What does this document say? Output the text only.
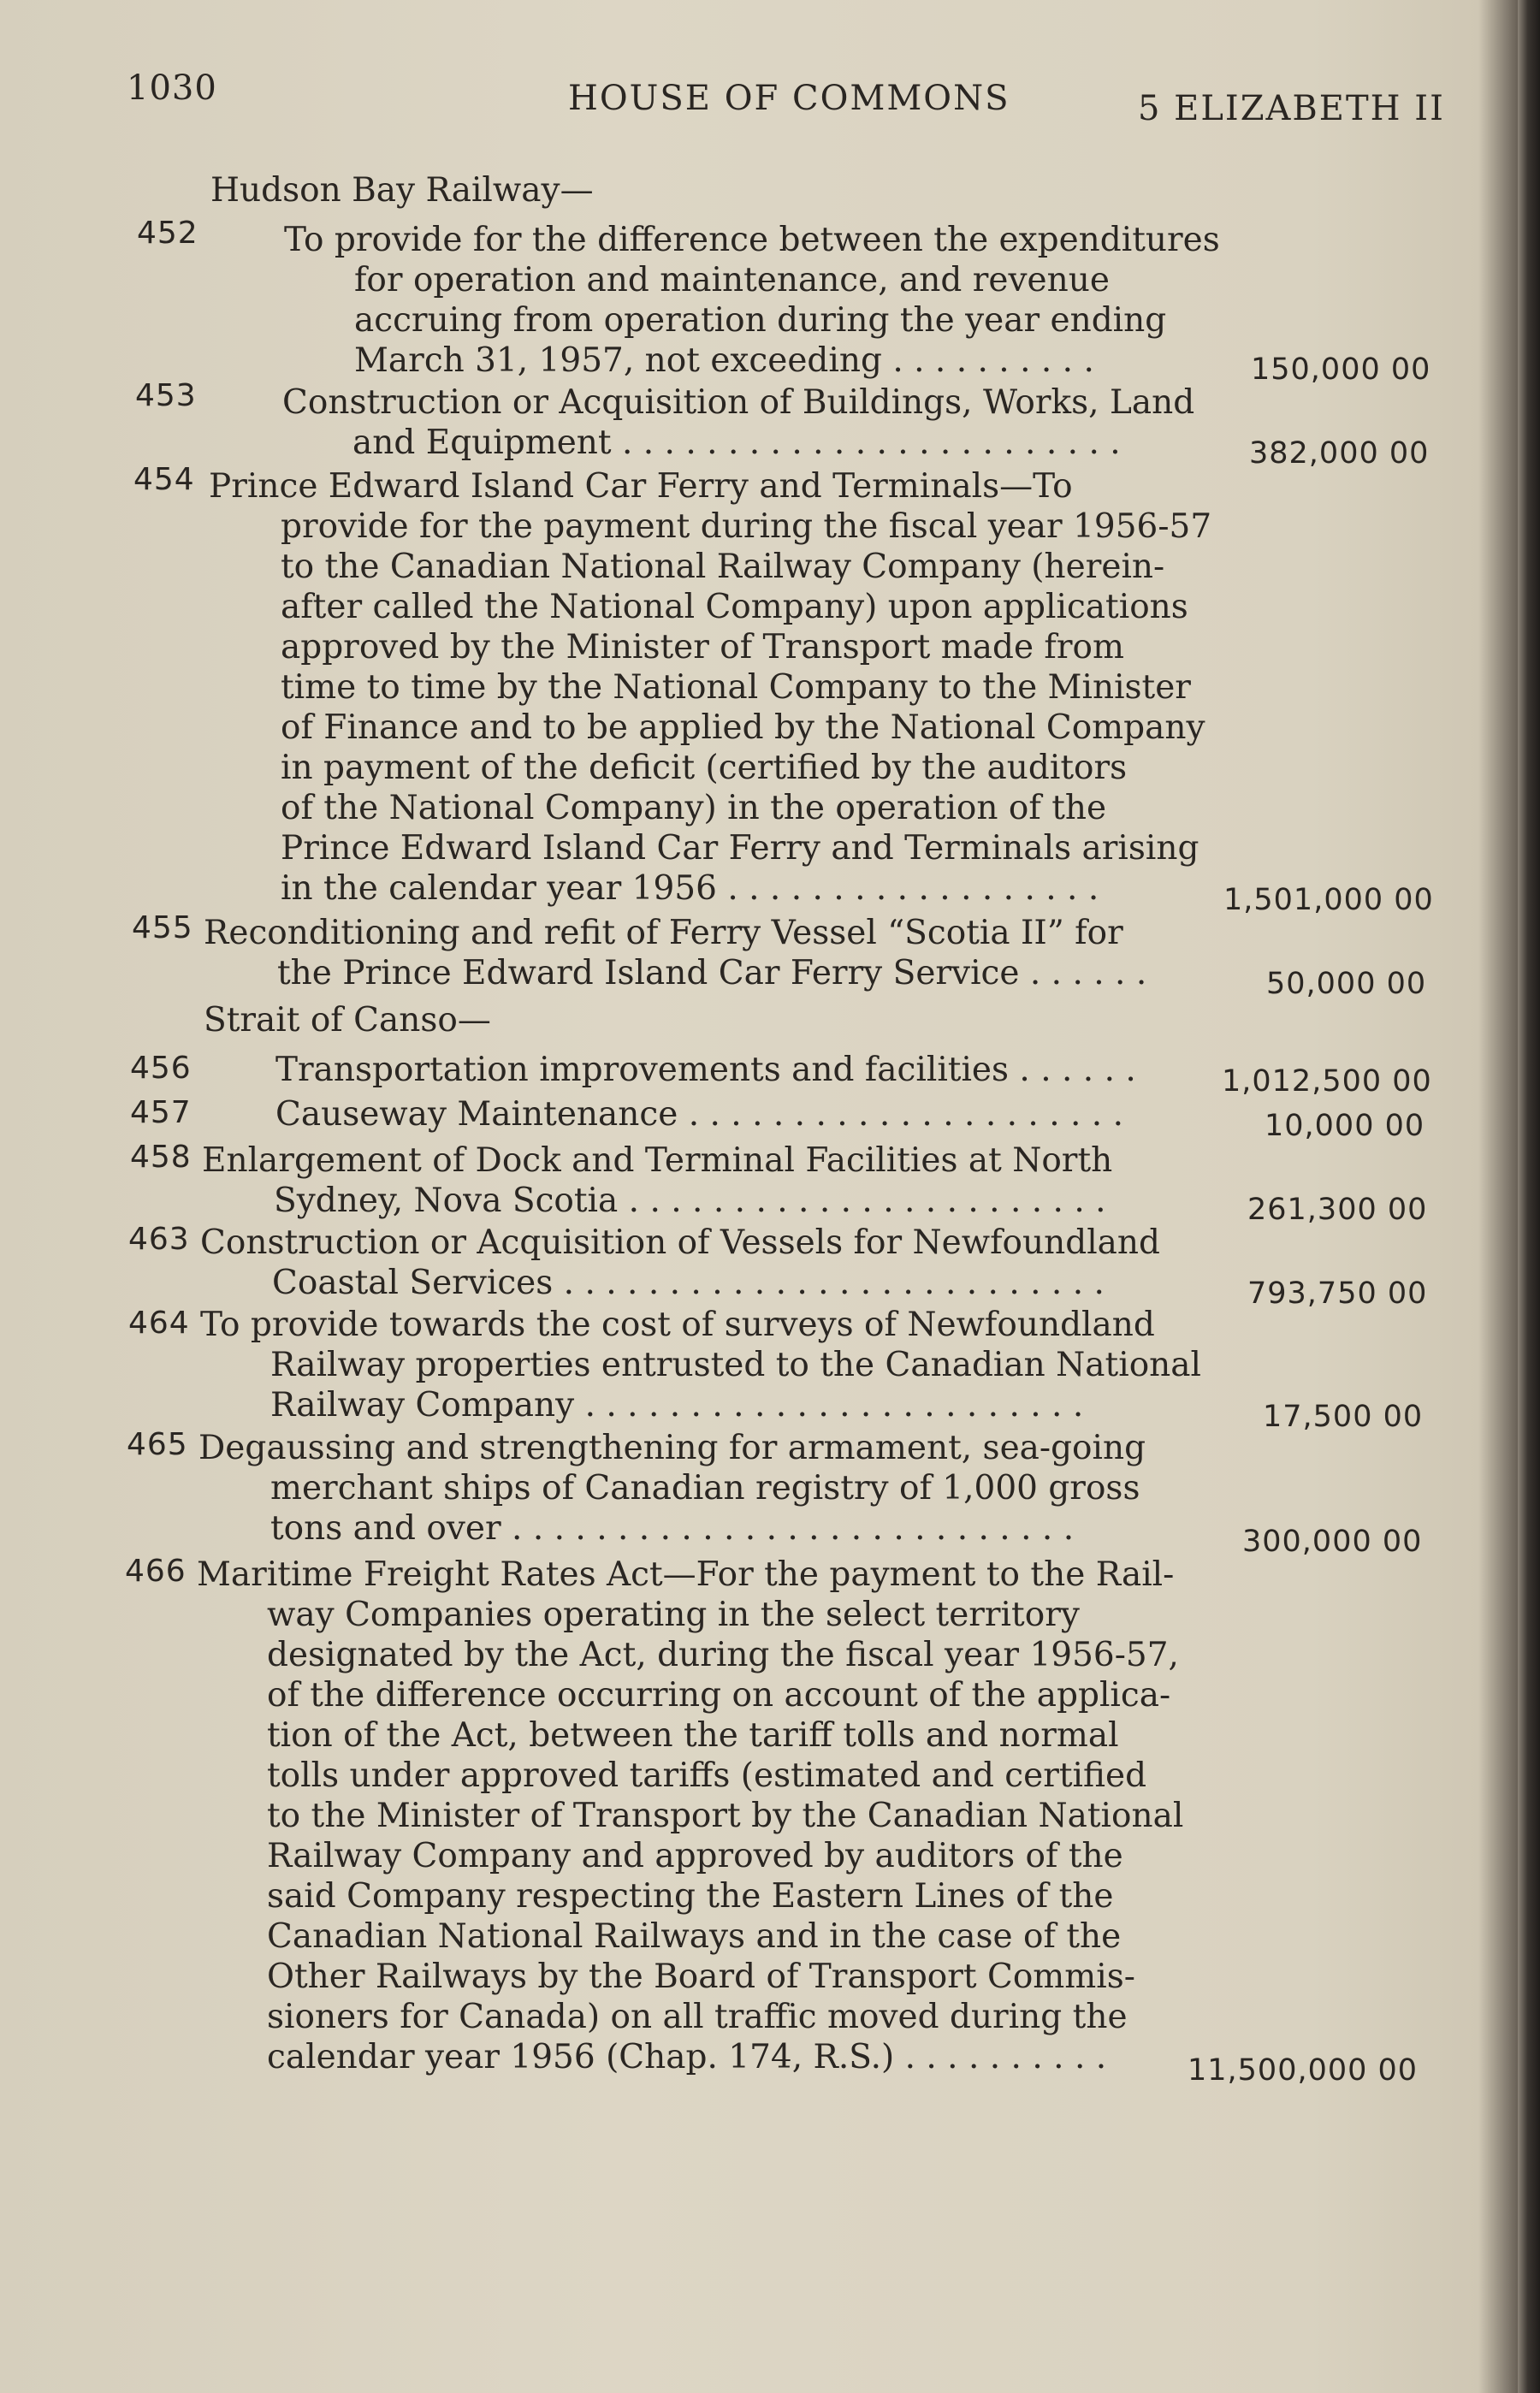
1030	HOUSE OF COMMONS	5 ELIZABETH II
Hudson Bay Railway—
452	To provide for the difference between the expenditures
for operation and maintenance, and revenue
accruing from operation during the year ending
March 31, 1957, not exceeding . . . . . . . . . .	150,000 00
453	Construction or Acquisition of Buildings, Works, Land
and Equipment . . . . . . . . . . . . . . . . . . . . . . . .	382,000 00
454 Prince Edward Island Car Ferry and Terminals—To
provide for the payment during the fiscal year 1956-57
to the Canadian National Railway Company (herein-
after called the National Company) upon applications
approved by the Minister of Transport made from
time to time by the National Company to the Minister
of Finance and to be applied by the National Company
in payment of the deficit (certified by the auditors
of the National Company) in the operation of the
Prince Edward Island Car Ferry and Terminals arising
in the calendar year 1956 . . . . . . . . . . . . . . . . . .	1,501,000 00
455 Reconditioning and refit of Ferry Vessel “Scotia II” for
the Prince Edward Island Car Ferry Service . . . . . .	50,000 00
Strait of Canso—
456	Transportation improvements and facilities . . . . . .	1,012,500 00
457	Causeway Maintenance . . . . . . . . . . . . . . . . . . . . .	10,000 00
458 Enlargement of Dock and Terminal Facilities at North
Sydney, Nova Scotia . . . . . . . . . . . . . . . . . . . . . . .	261,300 00
463 Construction or Acquisition of Vessels for Newfoundland
Coastal Services . . . . . . . . . . . . . . . . . . . . . . . . . .	793,750 00
464 To provide towards the cost of surveys of Newfoundland
Railway properties entrusted to the Canadian National
Railway Company . . . . . . . . . . . . . . . . . . . . . . . .	17,500 00
465 Degaussing and strengthening for armament, sea-going
merchant ships of Canadian registry of 1,000 gross
tons and over . . . . . . . . . . . . . . . . . . . . . . . . . . .	300,000 00
466 Maritime Freight Rates Act—For the payment to the Rail-
way Companies operating in the select territory
designated by the Act, during the fiscal year 1956-57,
of the difference occurring on account of the applica-
tion of the Act, between the tariff tolls and normal
tolls under approved tariffs (estimated and certified
to the Minister of Transport by the Canadian National
Railway Company and approved by auditors of the
said Company respecting the Eastern Lines of the
Canadian National Railways and in the case of the
Other Railways by the Board of Transport Commis-
sioners for Canada) on all traffic moved during the
calendar year 1956 (Chap. 174, R.S.) . . . . . . . . . .	11,500,000 00
